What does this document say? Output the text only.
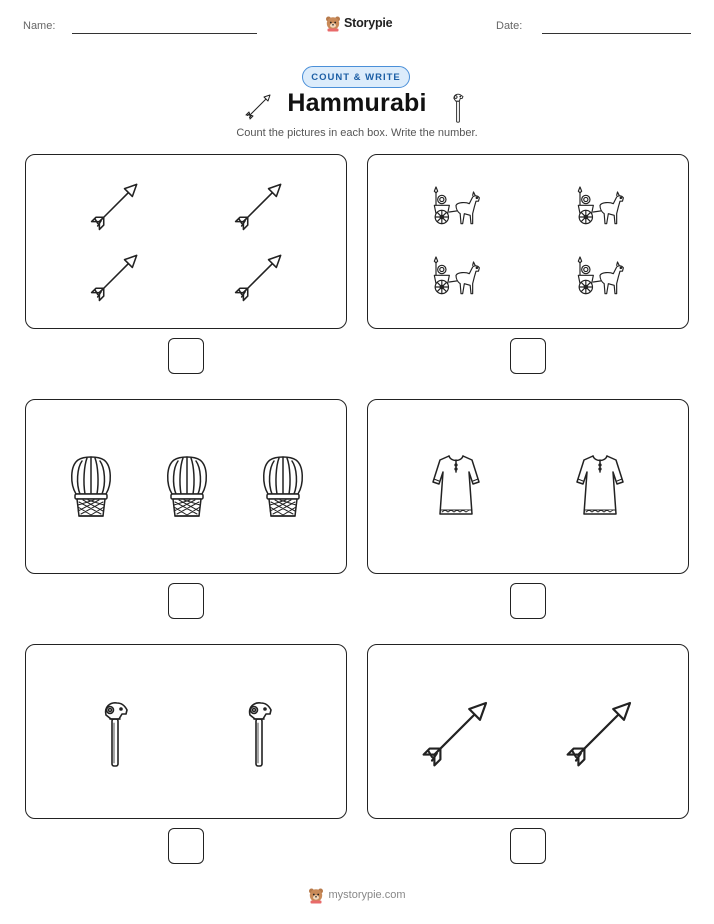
Name:	Storypie	Date:
COUNT & WRITE
Hammurabi
Count the pictures in each box. Write the number.
mystorypie.com
